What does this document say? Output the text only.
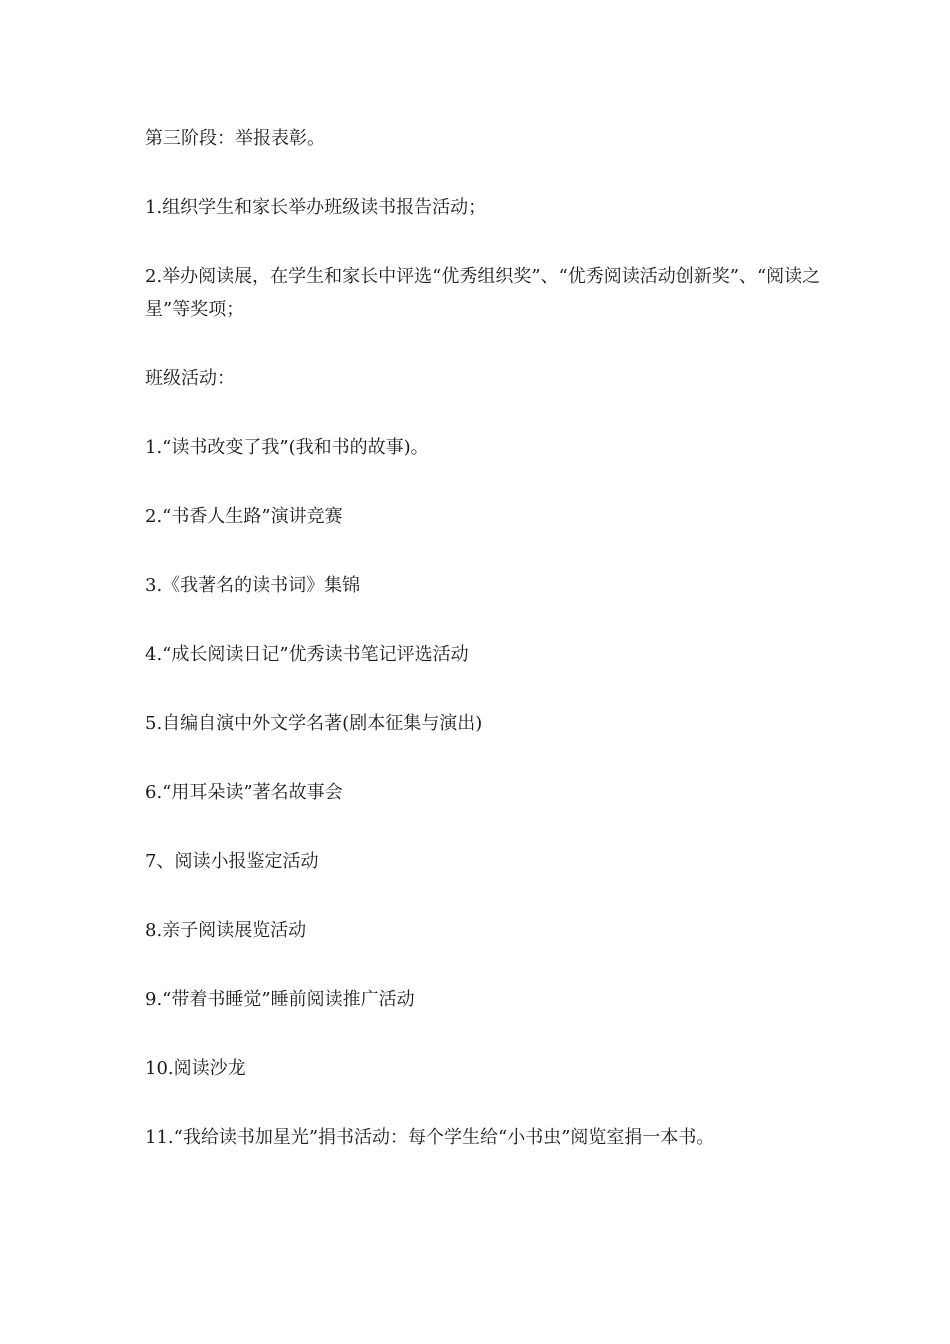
第三阶段：举报表彰。

1.组织学生和家长举办班级读书报告活动；

2.举办阅读展，在学生和家长中评选“优秀组织奖”、“优秀阅读活动创新奖”、“阅读之星”等奖项；

班级活动：

1.“读书改变了我”(我和书的故事)。

2.“书香人生路”演讲竞赛

3.《我著名的读书词》集锦

4.“成长阅读日记”优秀读书笔记评选活动

5.自编自演中外文学名著(剧本征集与演出)

6.“用耳朵读”著名故事会

7、阅读小报鉴定活动

8.亲子阅读展览活动

9.“带着书睡觉”睡前阅读推广活动

10.阅读沙龙

11.“我给读书加星光”捐书活动：每个学生给“小书虫”阅览室捐一本书。
